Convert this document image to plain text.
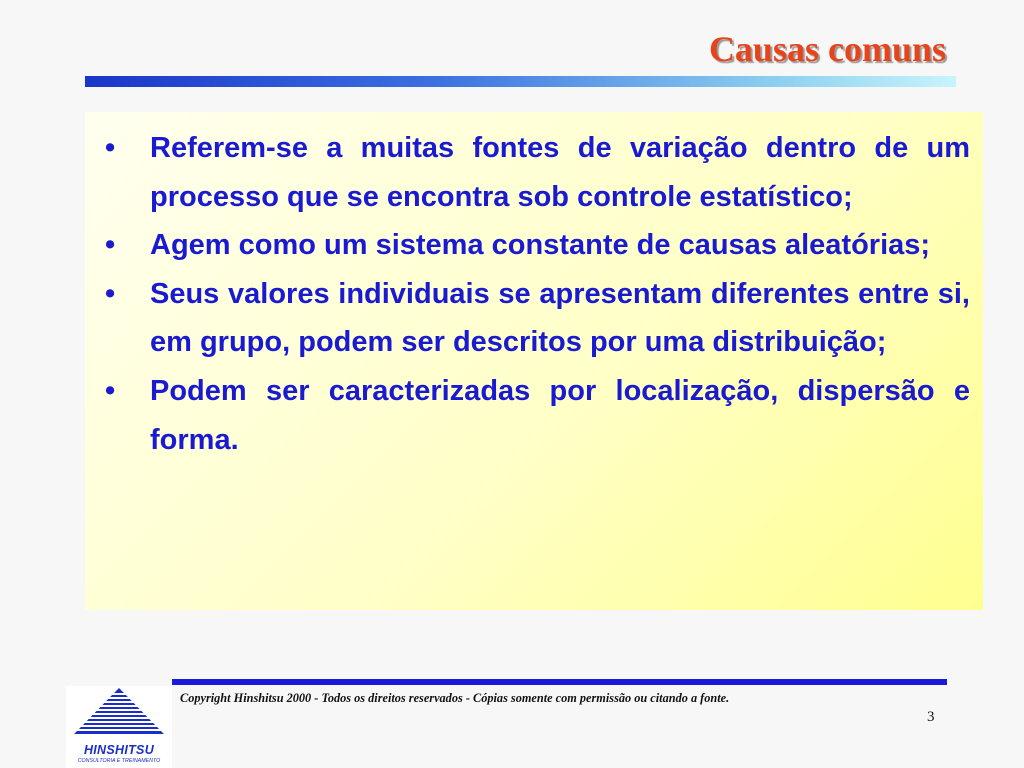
Causas comuns
•	Referem-se a muitas fontes de variação dentro de um processo que se encontra sob controle estatístico;
•	Agem como um sistema constante de causas aleatórias;
•	Seus valores individuais se apresentam diferentes entre si, em grupo, podem ser descritos por uma distribuição;
•	Podem ser caracterizadas por localização, dispersão e forma.
HINSHITSU
CONSULTORIA E TREINAMENTO
Copyright Hinshitsu 2000 - Todos os direitos reservados - Cópias somente com permissão ou citando a fonte.
3
